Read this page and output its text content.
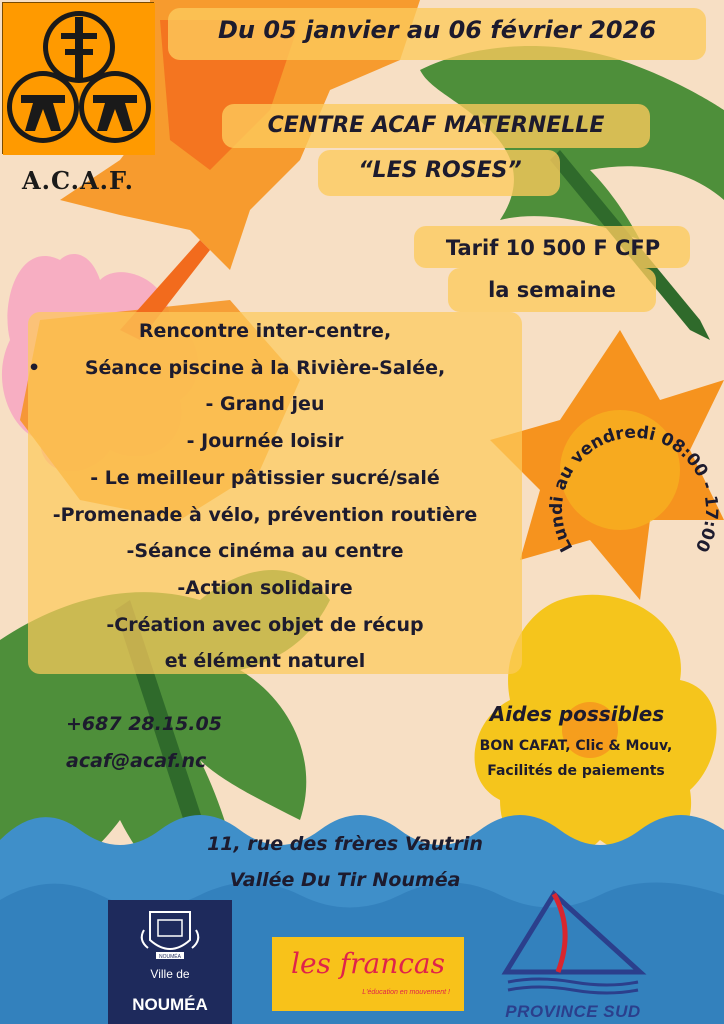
A.C.A.F.
Du 05 janvier au 06 février 2026
CENTRE ACAF MATERNELLE
“LES ROSES”
Tarif 10 500 F CFP
la semaine
Rencontre inter-centre,
• Séance piscine à la Rivière-Salée,
- Grand jeu
- Journée loisir
- Le meilleur pâtissier sucré/salé
-Promenade à vélo, prévention routière
-Séance cinéma au centre
-Action solidaire
-Création avec objet de récup
et élément naturel
Lundi au vendredi 08:00 - 17:00
+687 28.15.05
acaf@acaf.nc
Aides possibles
BON CAFAT, Clic & Mouv,
Facilités de paiements
11, rue des frères Vautrin
Vallée Du Tir Nouméa
NOUMÉA
Ville de
NOUMÉA
les francas
L'éducation en mouvement !
PROVINCE SUD
